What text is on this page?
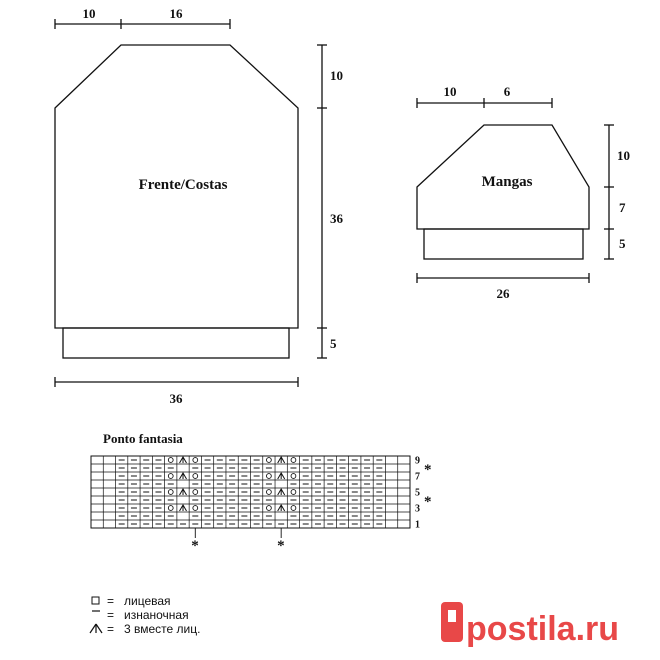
10	16
10
36
5
36
Frente/Costas
10	6
10
7
5
26
Mangas
Ponto fantasia
9
7
5
3
1
*
*
*	*
= лицевая
= изнаночная
= 3 вместе лиц.	postila.ru
